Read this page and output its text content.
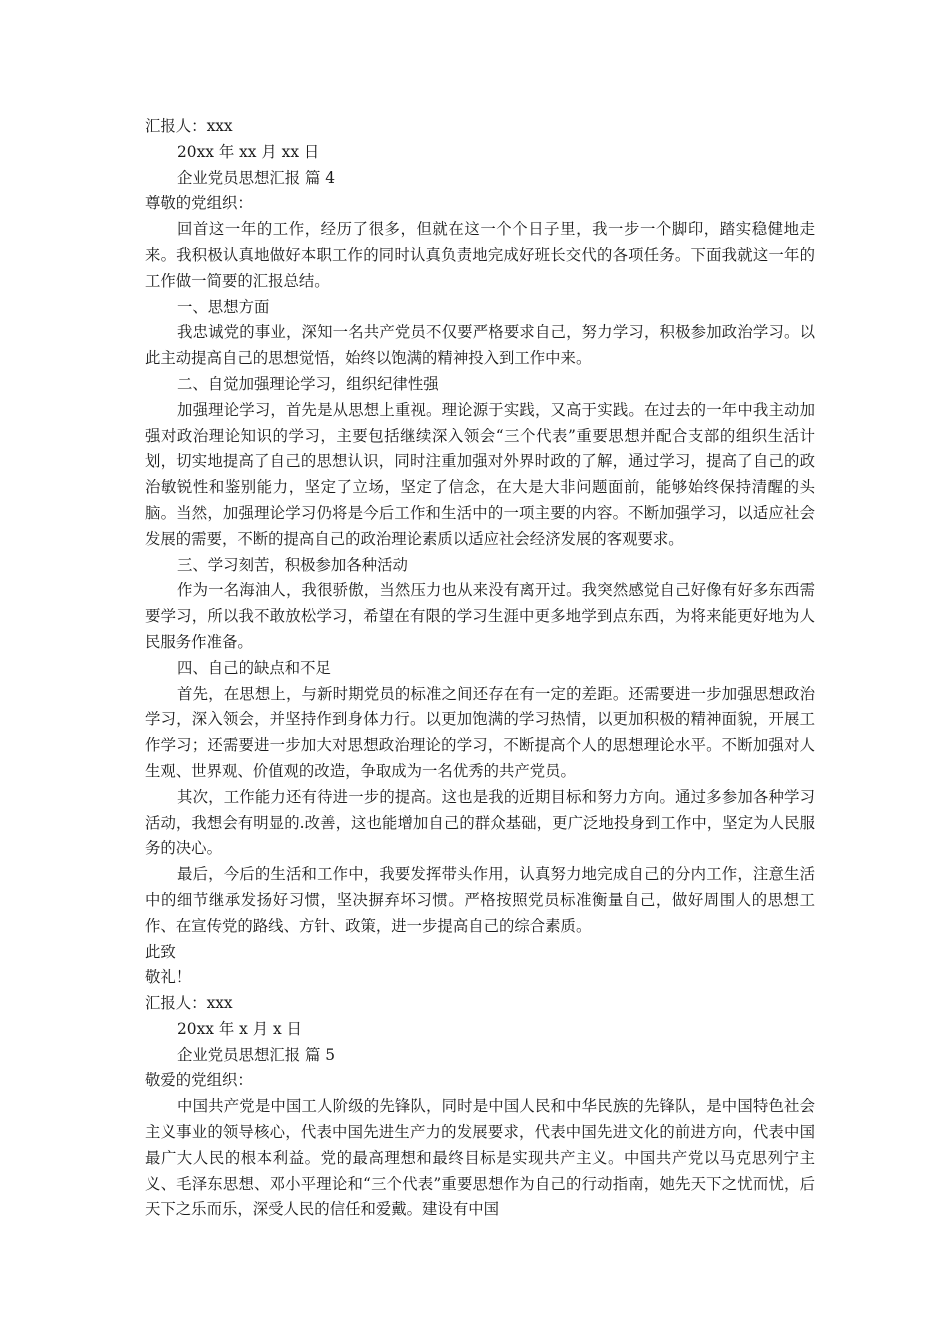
汇报人：xxx

20xx 年 xx 月 xx 日

企业党员思想汇报 篇 4

尊敬的党组织：

回首这一年的工作，经历了很多，但就在这一个个日子里，我一步一个脚印，踏实稳健地走来。我积极认真地做好本职工作的同时认真负责地完成好班长交代的各项任务。下面我就这一年的工作做一简要的汇报总结。

一、思想方面

我忠诚党的事业，深知一名共产党员不仅要严格要求自己，努力学习，积极参加政治学习。以此主动提高自己的思想觉悟，始终以饱满的精神投入到工作中来。

二、自觉加强理论学习，组织纪律性强

加强理论学习，首先是从思想上重视。理论源于实践，又高于实践。在过去的一年中我主动加强对政治理论知识的学习，主要包括继续深入领会“三个代表”重要思想并配合支部的组织生活计划，切实地提高了自己的思想认识，同时注重加强对外界时政的了解，通过学习，提高了自己的政治敏锐性和鉴别能力，坚定了立场，坚定了信念，在大是大非问题面前，能够始终保持清醒的头脑。当然，加强理论学习仍将是今后工作和生活中的一项主要的内容。不断加强学习，以适应社会发展的需要，不断的提高自己的政治理论素质以适应社会经济发展的客观要求。

三、学习刻苦，积极参加各种活动

作为一名海油人，我很骄傲，当然压力也从来没有离开过。我突然感觉自己好像有好多东西需要学习，所以我不敢放松学习，希望在有限的学习生涯中更多地学到点东西，为将来能更好地为人民服务作准备。

四、自己的缺点和不足

首先，在思想上，与新时期党员的标准之间还存在有一定的差距。还需要进一步加强思想政治学习，深入领会，并坚持作到身体力行。以更加饱满的学习热情，以更加积极的精神面貌，开展工作学习；还需要进一步加大对思想政治理论的学习，不断提高个人的思想理论水平。不断加强对人生观、世界观、价值观的改造，争取成为一名优秀的共产党员。

其次，工作能力还有待进一步的提高。这也是我的近期目标和努力方向。通过多参加各种学习活动，我想会有明显的.改善，这也能增加自己的群众基础，更广泛地投身到工作中，坚定为人民服务的决心。

最后，今后的生活和工作中，我要发挥带头作用，认真努力地完成自己的分内工作，注意生活中的细节继承发扬好习惯，坚决摒弃坏习惯。严格按照党员标准衡量自己，做好周围人的思想工作、在宣传党的路线、方针、政策，进一步提高自己的综合素质。

此致

敬礼！

汇报人：xxx

20xx 年 x 月 x 日

企业党员思想汇报 篇 5

敬爱的党组织：

中国共产党是中国工人阶级的先锋队，同时是中国人民和中华民族的先锋队，是中国特色社会主义事业的领导核心，代表中国先进生产力的发展要求，代表中国先进文化的前进方向，代表中国最广大人民的根本利益。党的最高理想和最终目标是实现共产主义。中国共产党以马克思列宁主义、毛泽东思想、邓小平理论和“三个代表”重要思想作为自己的行动指南，她先天下之忧而忧，后天下之乐而乐，深受人民的信任和爱戴。建设有中国
